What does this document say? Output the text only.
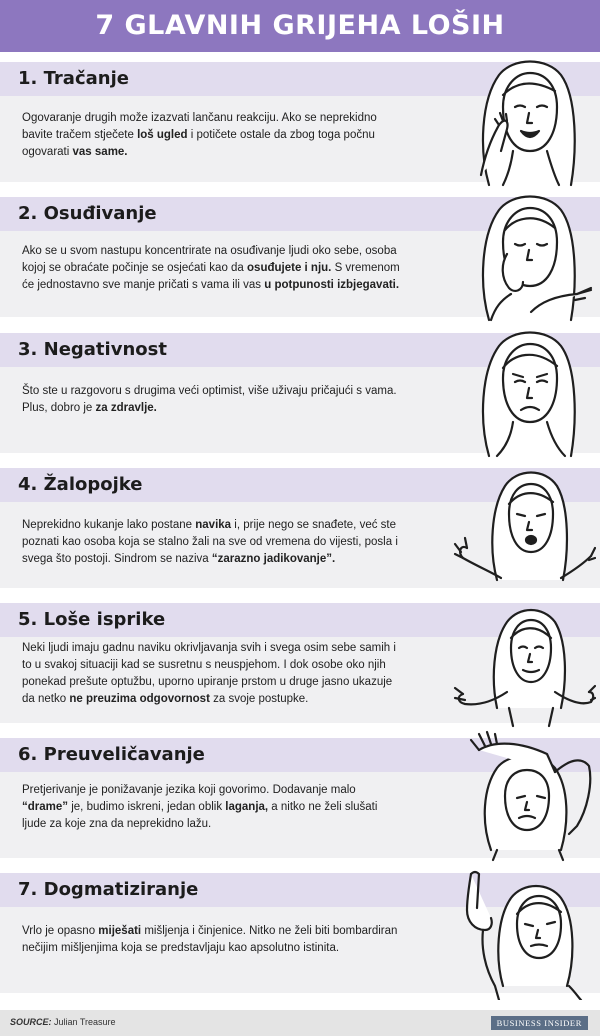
7 GLAVNIH GRIJEHA LOŠIH
1. Tračanje
Ogovaranje drugih može izazvati lančanu reakciju. Ako se neprekidno bavite tračem stječete loš ugled i potičete ostale da zbog toga počnu ogovarati vas same.
2. Osuđivanje
Ako se u svom nastupu koncentrirate na osuđivanje ljudi oko sebe, osoba kojoj se obraćate počinje se osjećati kao da osuđujete i nju. S vremenom će jednostavno sve manje pričati s vama ili vas u potpunosti izbjegavati.
3. Negativnost
Što ste u razgovoru s drugima veći optimist, više uživaju pričajući s vama. Plus, dobro je za zdravlje.
4. Žalopojke
Neprekidno kukanje lako postane navika i, prije nego se snađete, već ste poznati kao osoba koja se stalno žali na sve od vremena do vijesti, posla i svega što postoji. Sindrom se naziva “zarazno jadikovanje”.
5. Loše isprike
Neki ljudi imaju gadnu naviku okrivljavanja svih i svega osim sebe samih i to u svakoj situaciji kad se susretnu s neuspjehom. I dok osobe oko njih ponekad prešute optužbu, uporno upiranje prstom u druge jasno ukazuje da netko ne preuzima odgovornost za svoje postupke.
6. Preuveličavanje
Pretjerivanje je ponižavanje jezika koji govorimo. Dodavanje malo “drame” je, budimo iskreni, jedan oblik laganja, a nitko ne želi slušati ljude za koje zna da neprekidno lažu.
7. Dogmatiziranje
Vrlo je opasno miješati mišljenja i činjenice. Nitko ne želi biti bombardiran nečijim mišljenjima koja se predstavljaju kao apsolutno istinita.
SOURCE: Julian Treasure	BUSINESS INSIDER
